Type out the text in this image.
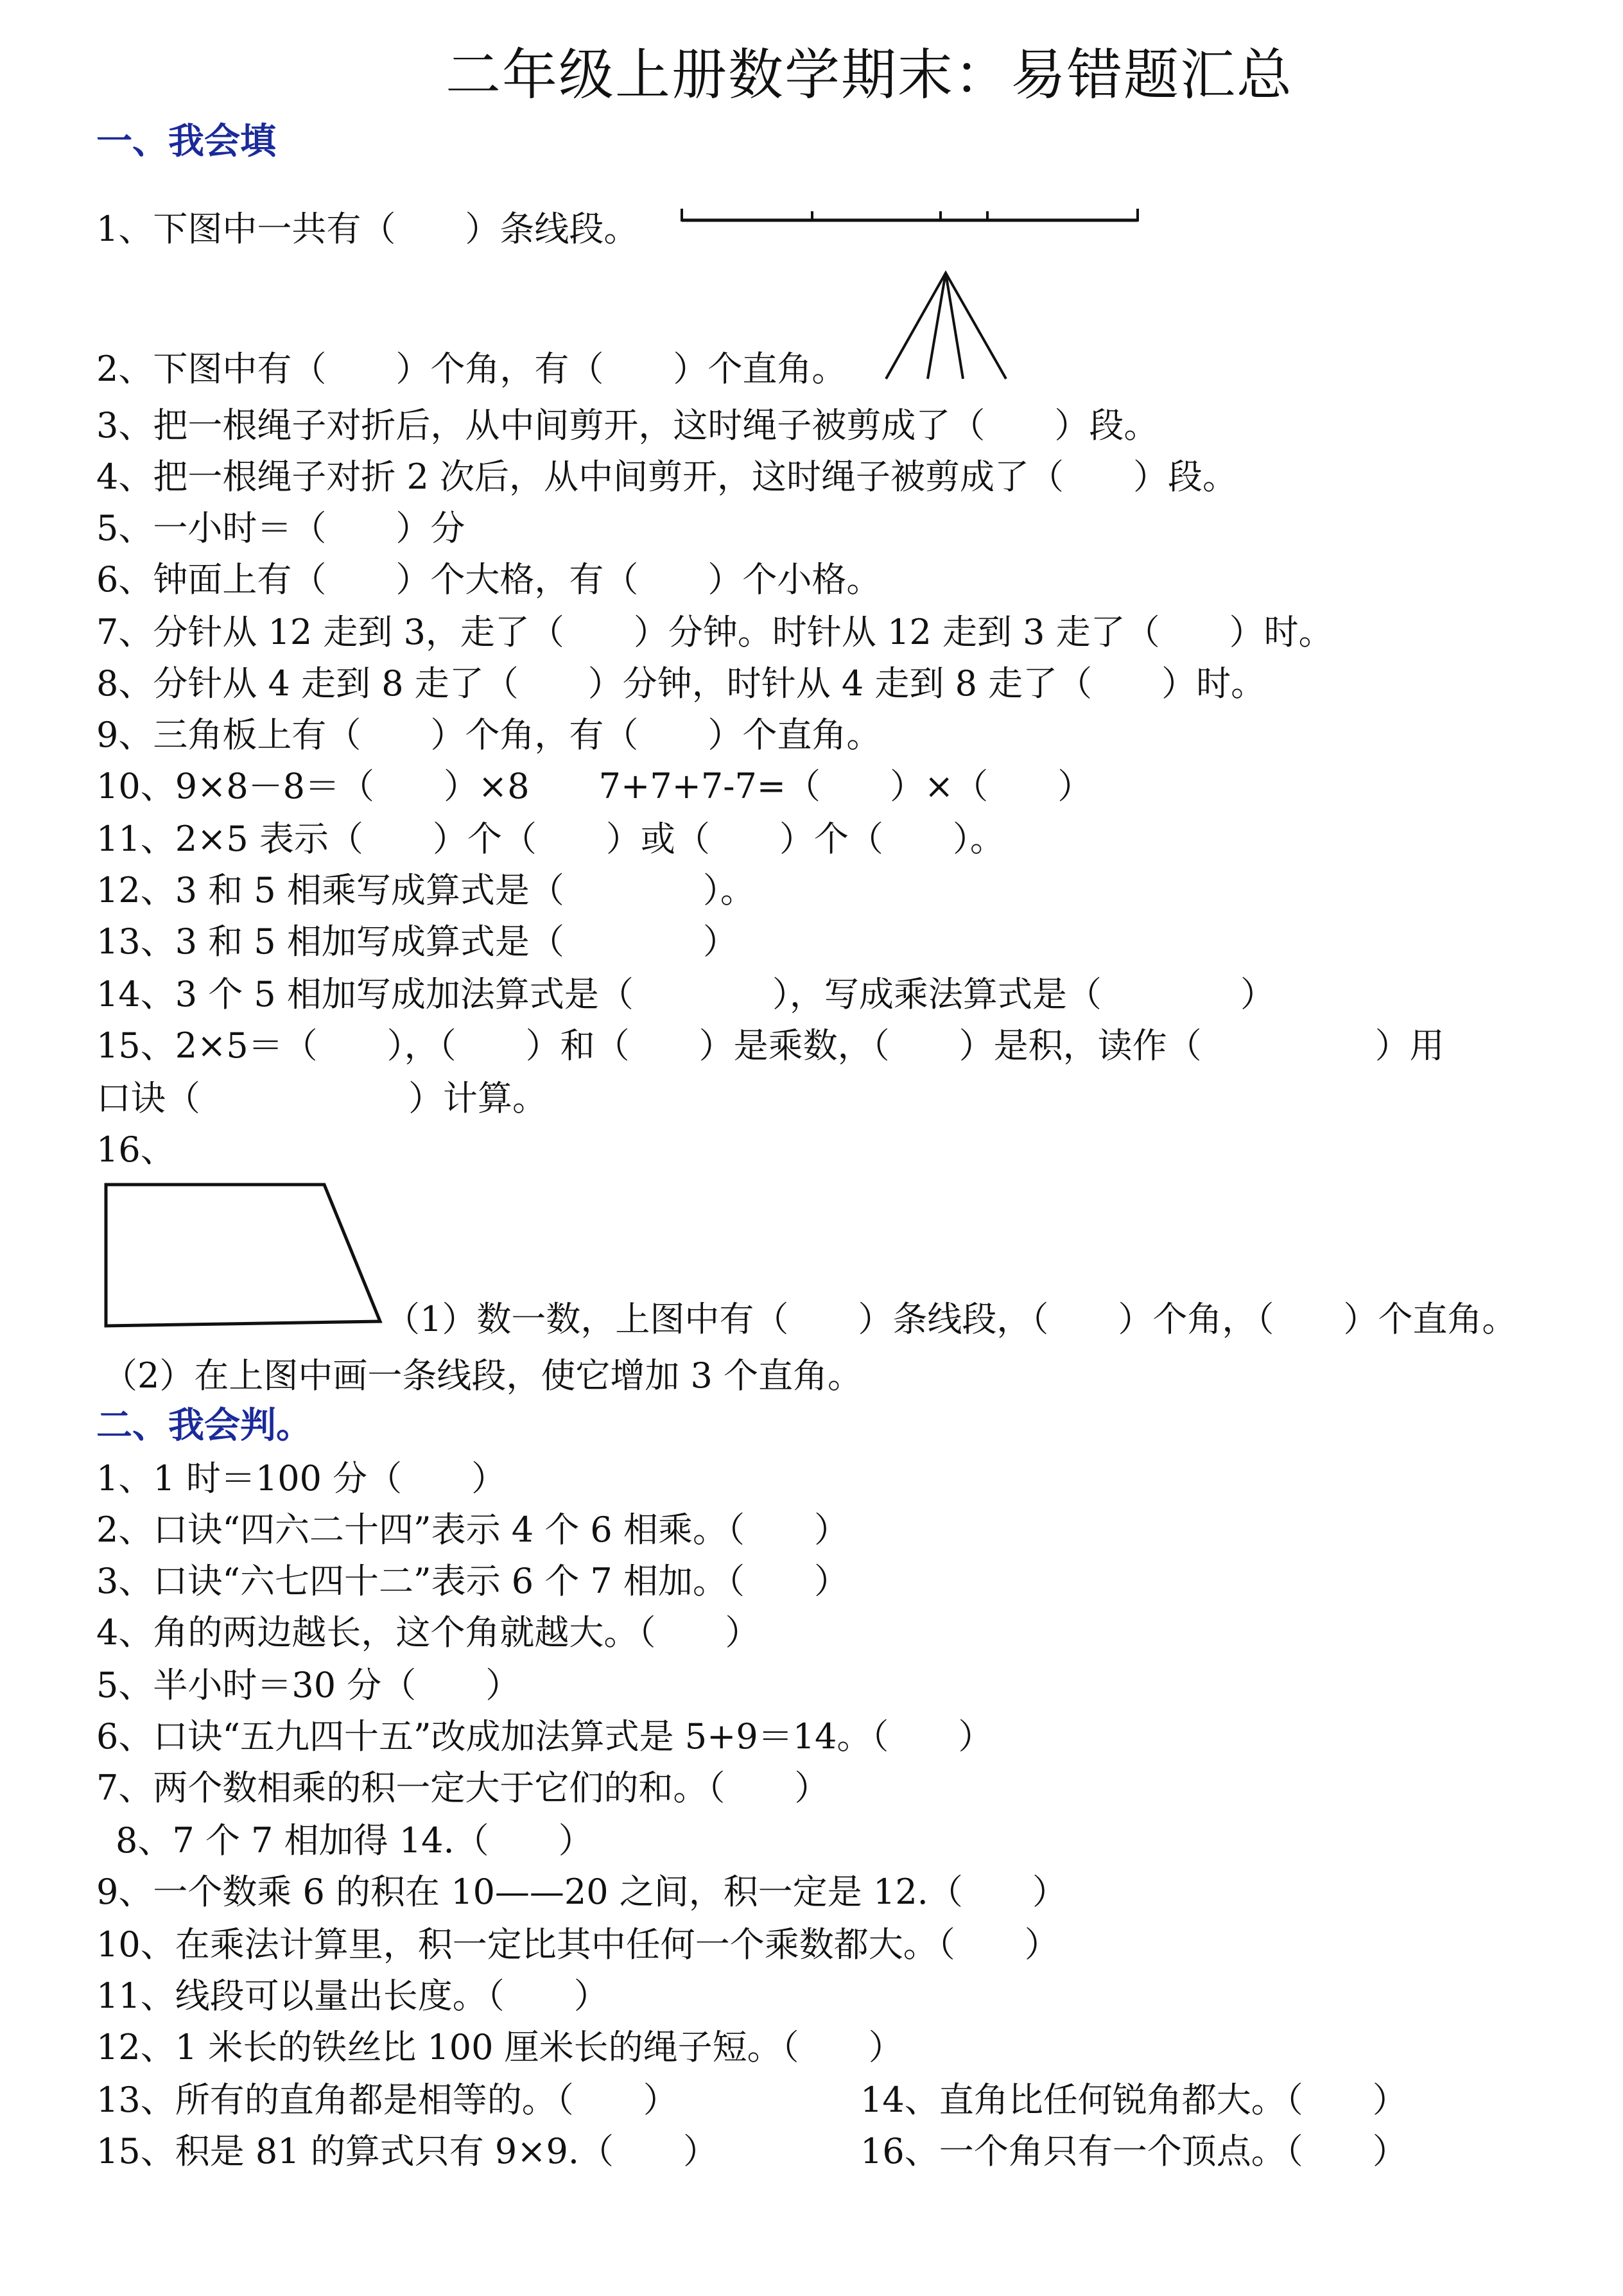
二年级上册数学期末：易错题汇总
一、我会填
1、下图中一共有（　　）条线段。
2、下图中有（　　）个角，有（　　）个直角。
3、把一根绳子对折后，从中间剪开，这时绳子被剪成了（　　）段。
4、把一根绳子对折 2 次后，从中间剪开，这时绳子被剪成了（　　）段。
5、一小时＝（　　）分
6、钟面上有（　　）个大格，有（　　）个小格。
7、分针从 12 走到 3，走了（　　）分钟。时针从 12 走到 3 走了（　　）时。
8、分针从 4 走到 8 走了（　　）分钟，时针从 4 走到 8 走了（　　）时。
9、三角板上有（　　）个角，有（　　）个直角。
10、9×8－8＝（　　）×8　　7+7+7-7=（　　）×（　　）
11、2×5 表示（　　）个（　　）或（　　）个（　　）。
12、3 和 5 相乘写成算式是（　　　　）。
13、3 和 5 相加写成算式是（　　　　）
14、3 个 5 相加写成加法算式是（　　　　），写成乘法算式是（　　　　）
15、2×5＝（　　），（　　）和（　　）是乘数，（　　）是积，读作（　　　　　）用
口诀（　　　　　　）计算。
16、
（1）数一数，上图中有（　　）条线段，（　　）个角，（　　）个直角。
（2）在上图中画一条线段，使它增加 3 个直角。
二、我会判。
1、1 时＝100 分（　　）
2、口诀“四六二十四”表示 4 个 6 相乘。（　　）
3、口诀“六七四十二”表示 6 个 7 相加。（　　）
4、角的两边越长，这个角就越大。（　　）
5、半小时＝30 分（　　）
6、口诀“五九四十五”改成加法算式是 5+9＝14。（　　）
7、两个数相乘的积一定大于它们的和。（　　）
8、7 个 7 相加得 14.（　　）
9、一个数乘 6 的积在 10——20 之间，积一定是 12.（　　）
10、在乘法计算里，积一定比其中任何一个乘数都大。（　　）
11、线段可以量出长度。（　　）
12、1 米长的铁丝比 100 厘米长的绳子短。（　　）
13、所有的直角都是相等的。（　　）	14、直角比任何锐角都大。（　　）
15、积是 81 的算式只有 9×9.（　　）	16、一个角只有一个顶点。（　　）
